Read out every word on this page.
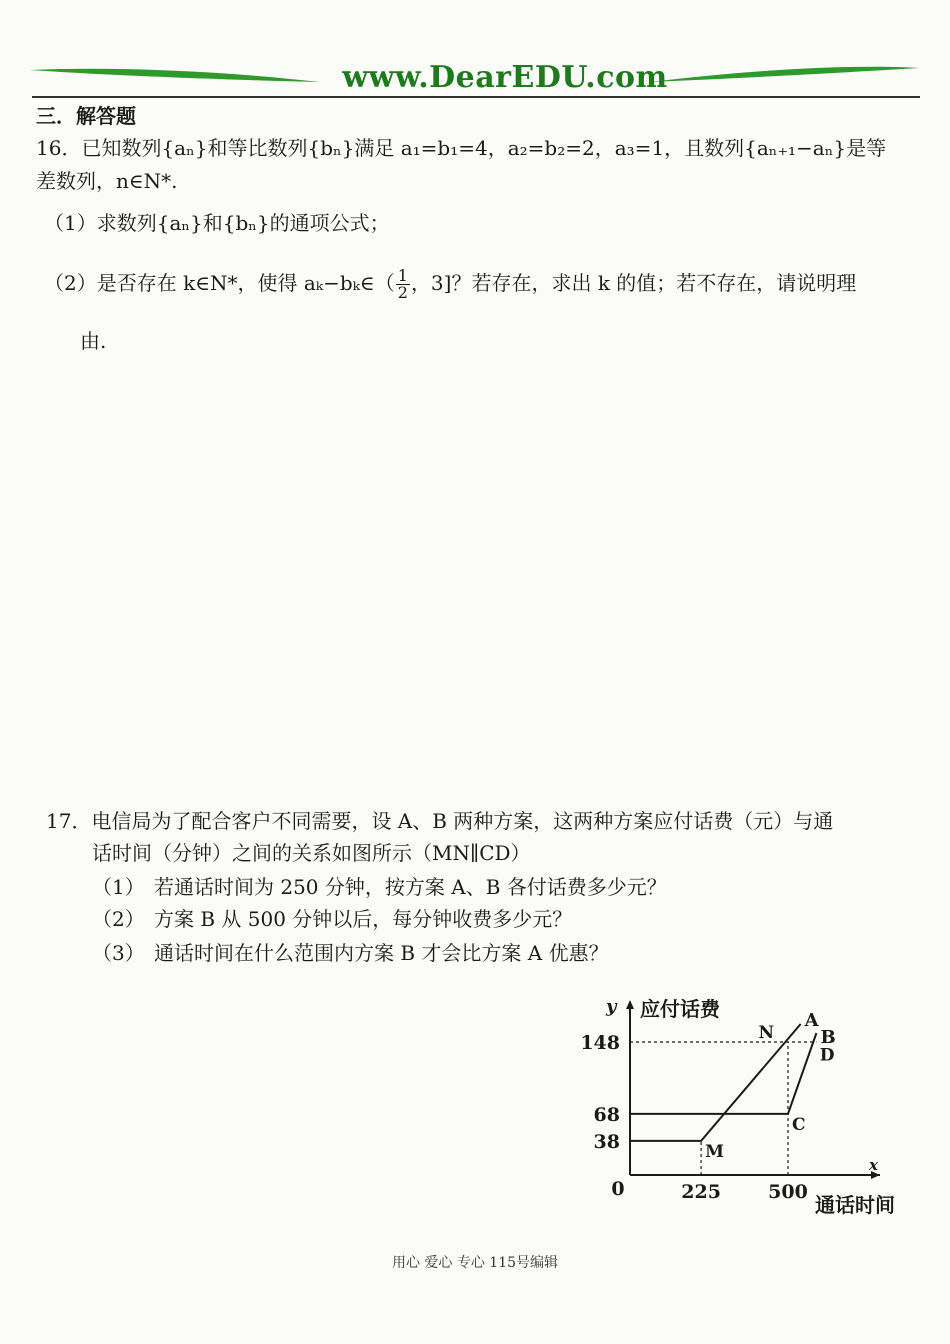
www.DearEDU.com
三．解答题
16．已知数列{aₙ}和等比数列{bₙ}满足 a₁=b₁=4，a₂=b₂=2，a₃=1，且数列{aₙ₊₁−aₙ}是等
差数列，n∈N*.
（1）求数列{aₙ}和{bₙ}的通项公式；
（2）是否存在 k∈N*，使得 aₖ−bₖ∈（ $\frac{1}{2}$ ，3]？若存在，求出 k 的值；若不存在，请说明理
由.
17．电信局为了配合客户不同需要，设 A、B 两种方案，这两种方案应付话费（元）与通
话时间（分钟）之间的关系如图所示（MN∥CD）
（1） 若通话时间为 250 分钟，按方案 A、B 各付话费多少元？
（2） 方案 B 从 500 分钟以后，每分钟收费多少元？
（3） 通话时间在什么范围内方案 B 才会比方案 A 优惠？
A
B
M
C
N
D
38
68
148
225 500
0
y 应付话费
x
通话时间
用心 爱心 专心 115号编辑
